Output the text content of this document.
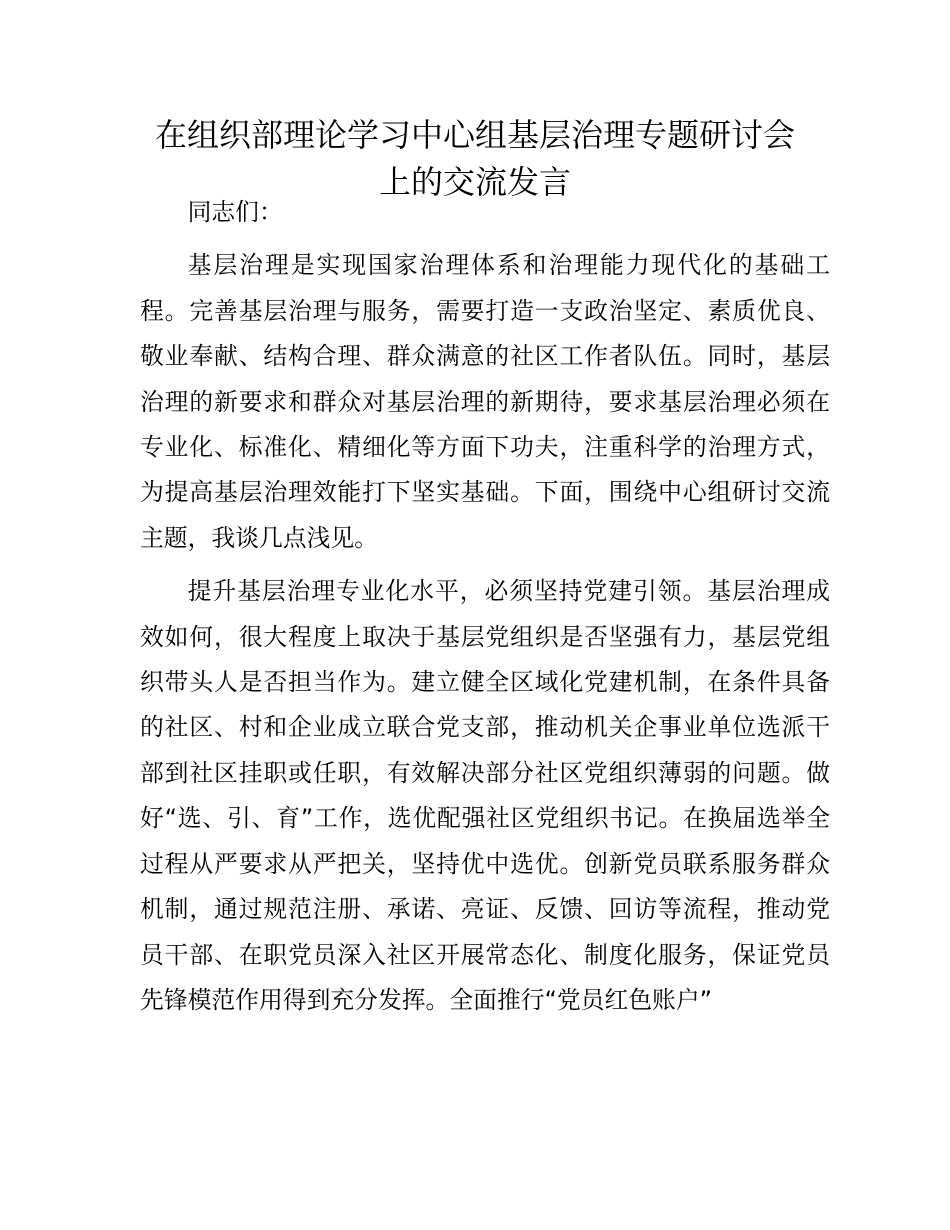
在组织部理论学习中心组基层治理专题研讨会
上的交流发言

同志们：

基层治理是实现国家治理体系和治理能力现代化的基础工程。完善基层治理与服务，需要打造一支政治坚定、素质优良、敬业奉献、结构合理、群众满意的社区工作者队伍。同时，基层治理的新要求和群众对基层治理的新期待，要求基层治理必须在专业化、标准化、精细化等方面下功夫，注重科学的治理方式，为提高基层治理效能打下坚实基础。下面，围绕中心组研讨交流主题，我谈几点浅见。

提升基层治理专业化水平，必须坚持党建引领。基层治理成效如何，很大程度上取决于基层党组织是否坚强有力，基层党组织带头人是否担当作为。建立健全区域化党建机制，在条件具备的社区、村和企业成立联合党支部，推动机关企事业单位选派干部到社区挂职或任职，有效解决部分社区党组织薄弱的问题。做好“选、引、育”工作，选优配强社区党组织书记。在换届选举全过程从严要求从严把关，坚持优中选优。创新党员联系服务群众机制，通过规范注册、承诺、亮证、反馈、回访等流程，推动党员干部、在职党员深入社区开展常态化、制度化服务，保证党员先锋模范作用得到充分发挥。全面推行“党员红色账户”
